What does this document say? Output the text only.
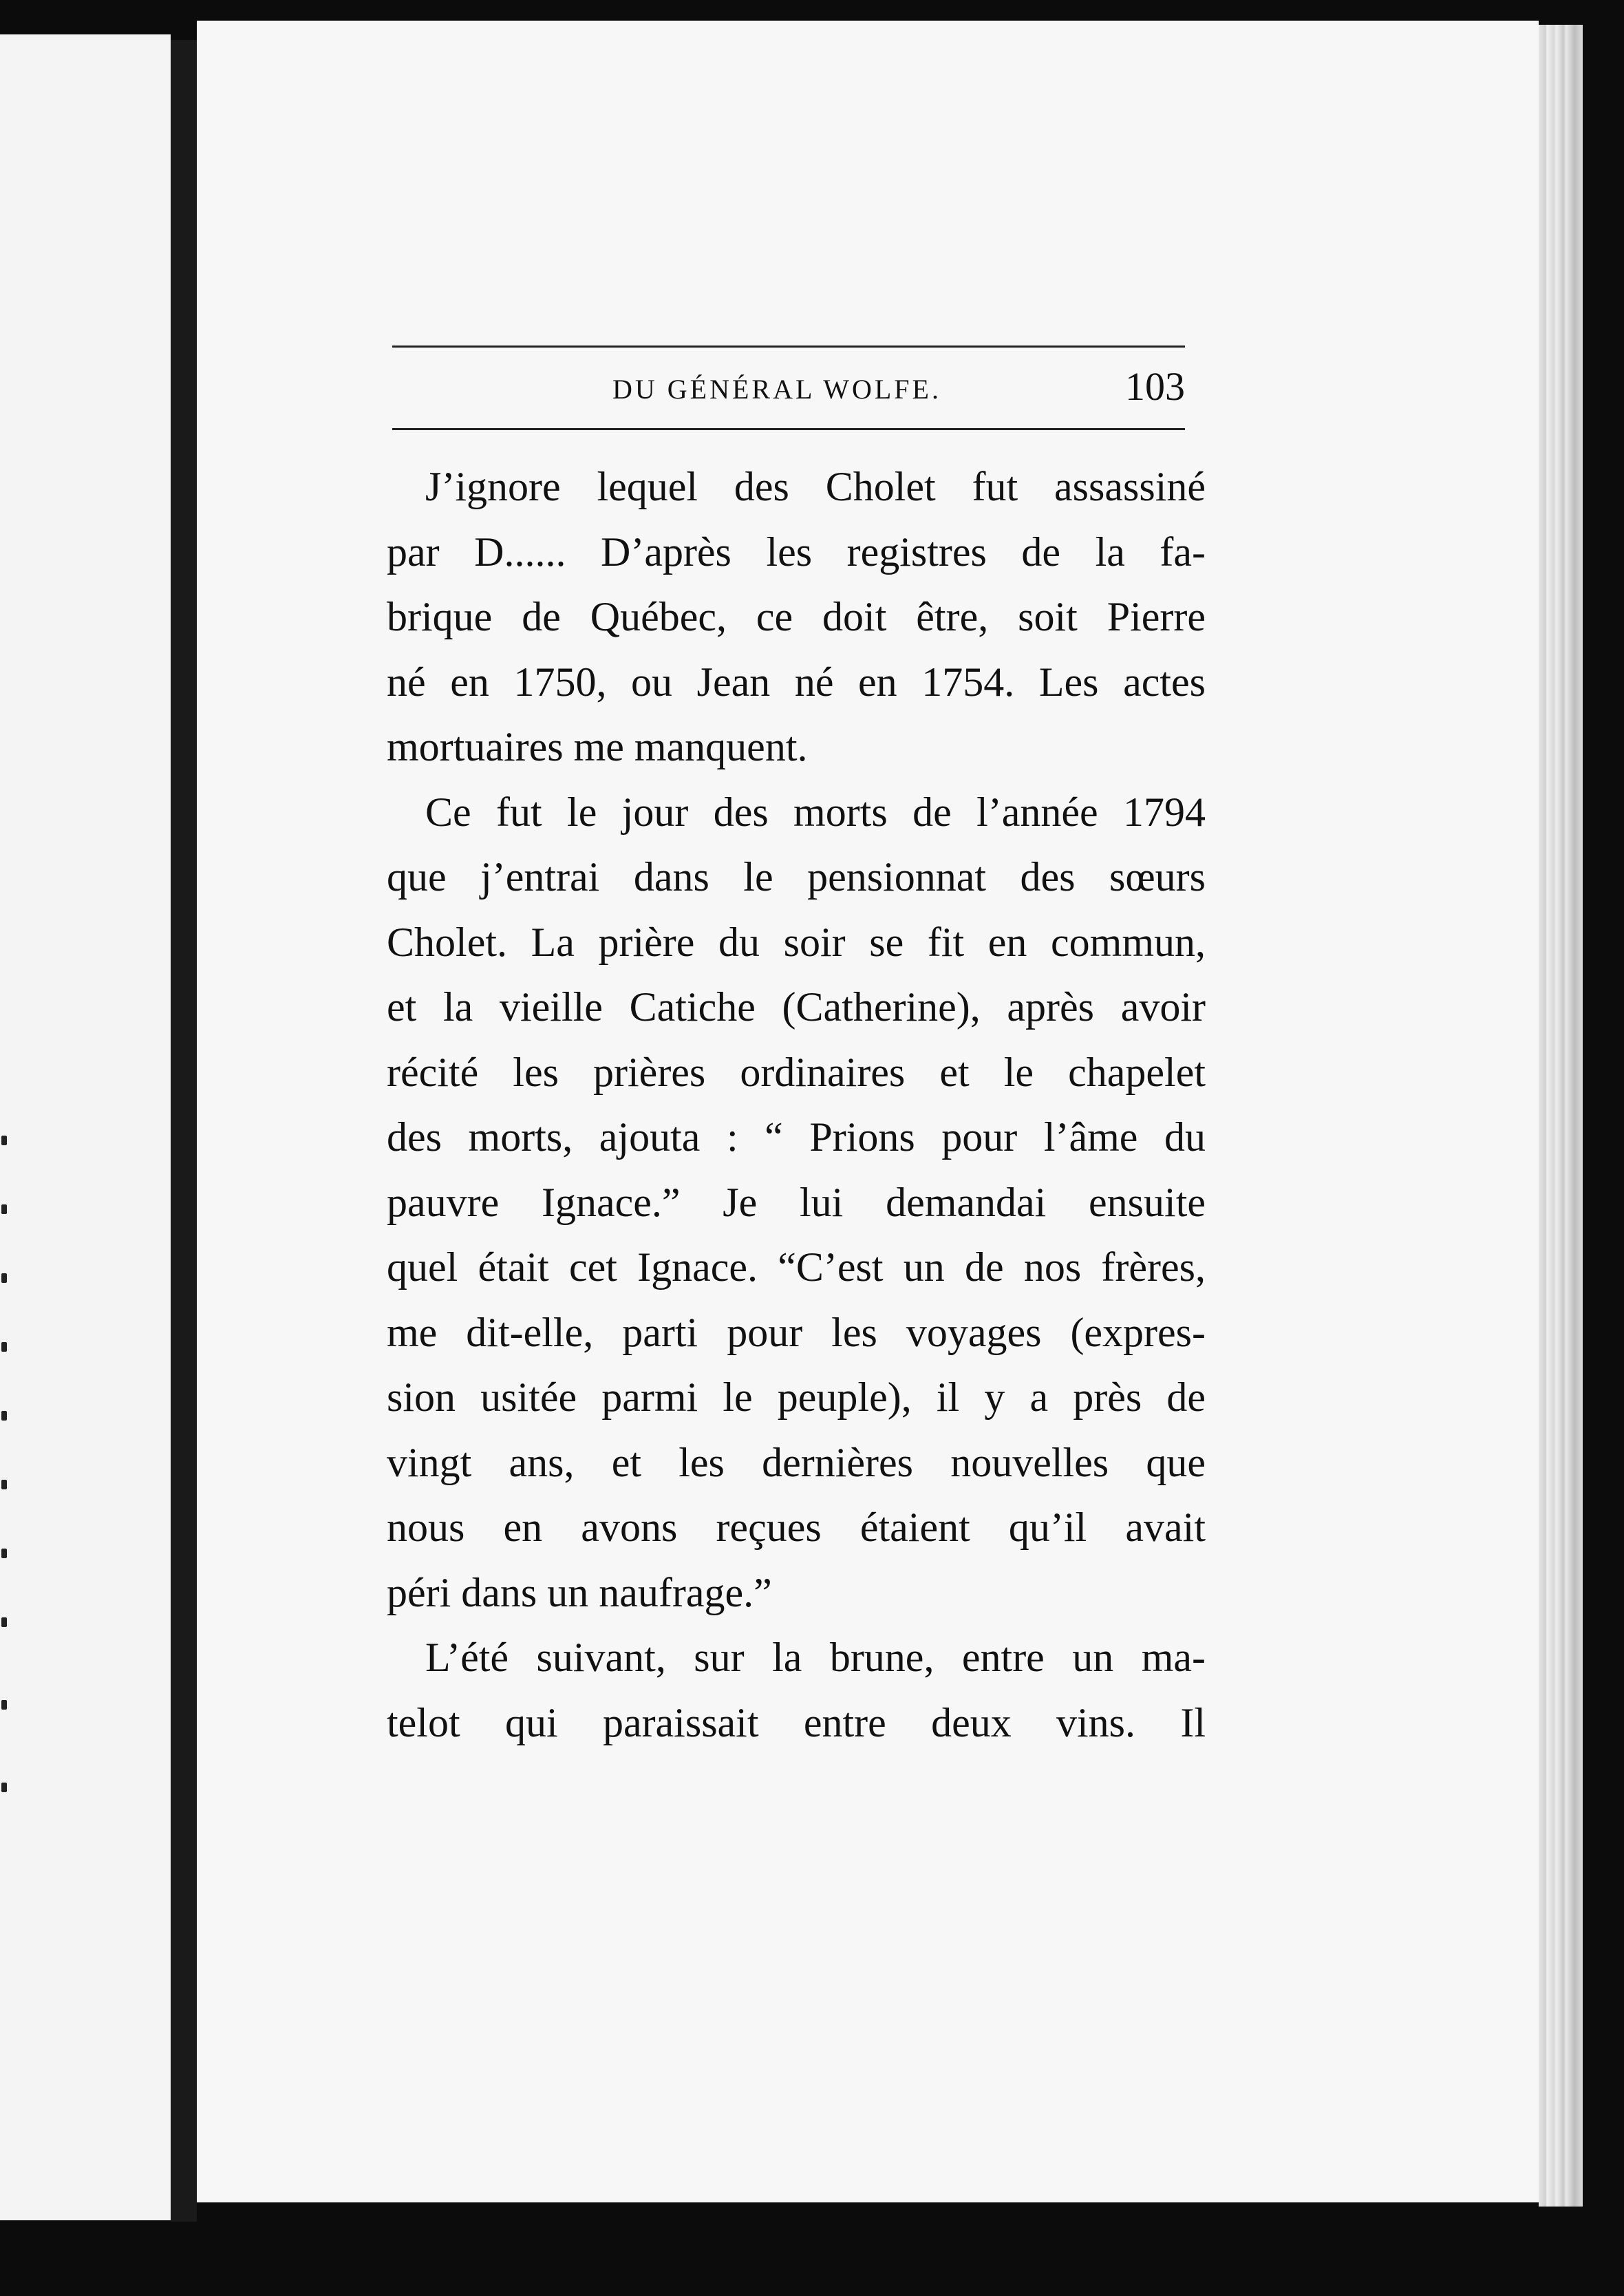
DU GÉNÉRAL WOLFE.	103
J’ignore lequel des Cholet fut assassiné
par D...... D’après les registres de la fa-
brique de Québec, ce doit être, soit Pierre
né en 1750, ou Jean né en 1754. Les actes
mortuaires me manquent.
Ce fut le jour des morts de l’année 1794
que j’entrai dans le pensionnat des sœurs
Cholet. La prière du soir se fit en commun,
et la vieille Catiche (Catherine), après avoir
récité les prières ordinaires et le chapelet
des morts, ajouta : “ Prions pour l’âme du
pauvre Ignace.” Je lui demandai ensuite
quel était cet Ignace. “C’est un de nos frères,
me dit-elle, parti pour les voyages (expres-
sion usitée parmi le peuple), il y a près de
vingt ans, et les dernières nouvelles que
nous en avons reçues étaient qu’il avait
péri dans un naufrage.”
L’été suivant, sur la brune, entre un ma-
telot qui paraissait entre deux vins. Il
